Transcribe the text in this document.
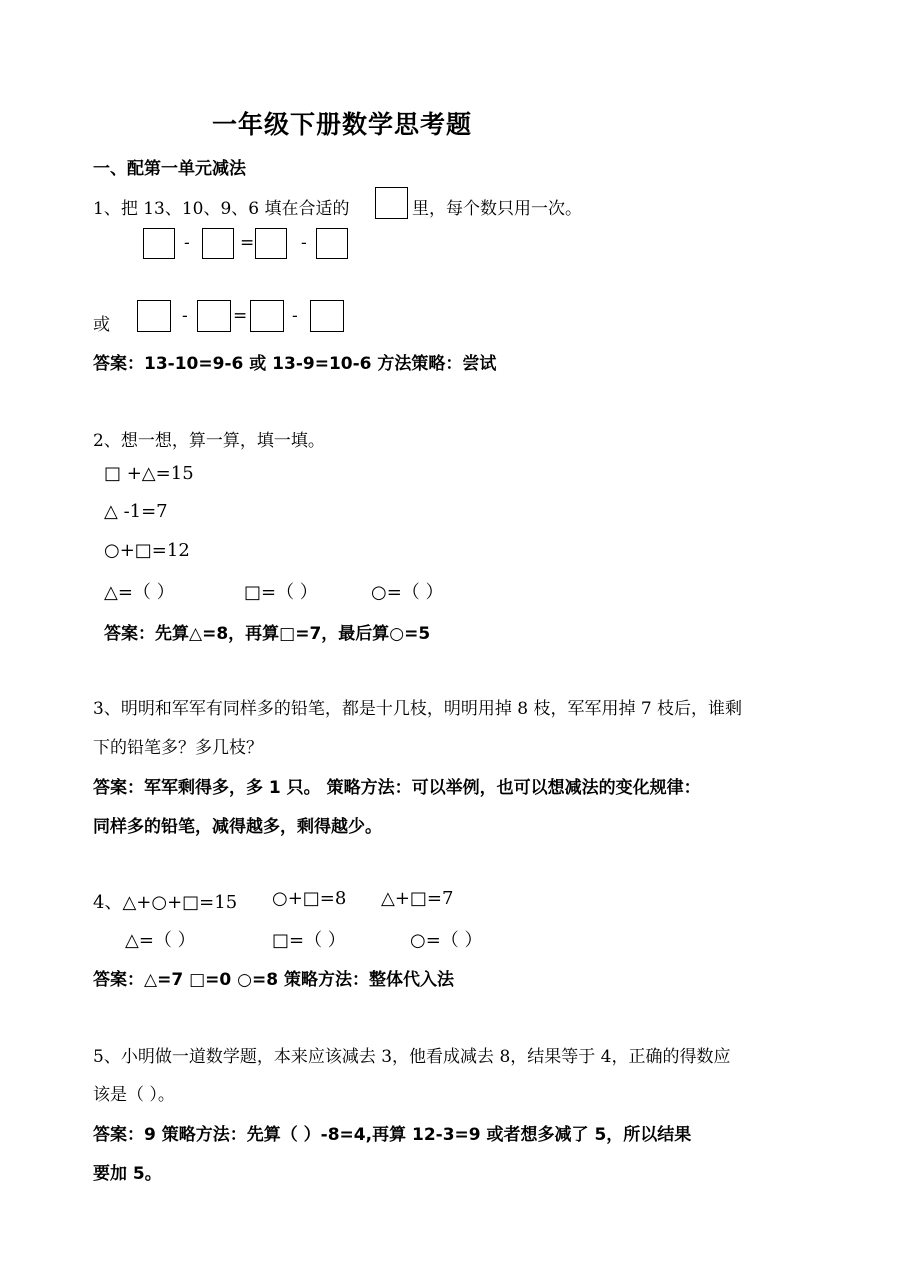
一年级下册数学思考题
一、配第一单元减法
1、把 13、10、9、6 填在合适的	里，每个数只用一次。
-	=	-
或	-	=	-
答案：13-10=9-6 或 13-9=10-6 方法策略：尝试
2、想一想，算一算，填一填。
□ +△=15
△ -1=7
○+□=12
△=（ ）	□=（ ）	○=（ ）
答案：先算△=8，再算□=7，最后算○=5
3、明明和军军有同样多的铅笔，都是十几枝，明明用掉 8 枝，军军用掉 7 枝后，谁剩
下的铅笔多？多几枝？
答案：军军剩得多，多 1 只。 策略方法：可以举例，也可以想减法的变化规律：
同样多的铅笔，减得越多，剩得越少。
4、△+○+□=15 ○+□=8 △+□=7
△=（ ）	□=（ ）	○=（ ）
答案：△=7 □=0 ○=8 策略方法：整体代入法
5、小明做一道数学题，本来应该减去 3，他看成减去 8，结果等于 4，正确的得数应
该是（ ）。
答案：9 策略方法：先算（ ）-8=4,再算 12-3=9 或者想多减了 5，所以结果
要加 5。
